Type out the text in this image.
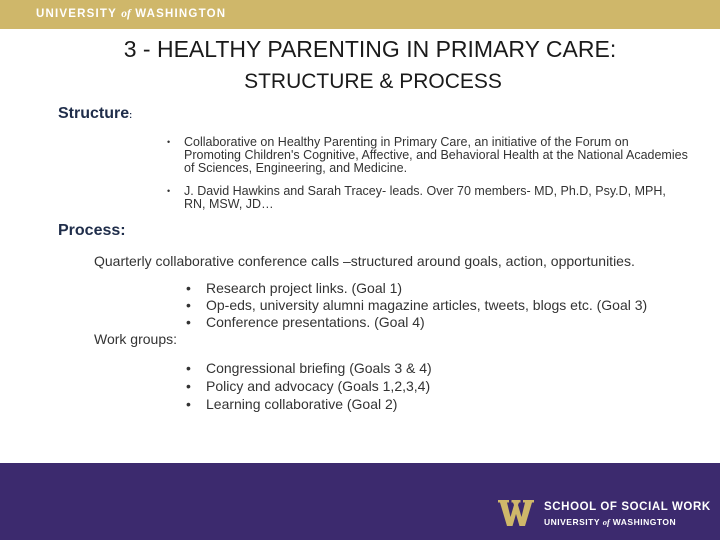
UNIVERSITY of WASHINGTON
3 - HEALTHY PARENTING IN PRIMARY CARE:
STRUCTURE & PROCESS
Structure:
• Collaborative on Healthy Parenting in Primary Care, an initiative of the Forum on Promoting Children's Cognitive, Affective, and Behavioral Health at the National Academies of Sciences, Engineering, and Medicine.
• J. David Hawkins and Sarah Tracey- leads. Over 70 members- MD, Ph.D, Psy.D, MPH, RN, MSW, JD…
Process:
Quarterly collaborative conference calls –structured around goals, action, opportunities.
• Research project links. (Goal 1)
• Op-eds, university alumni magazine articles, tweets, blogs etc. (Goal 3)
• Conference presentations. (Goal 4)
Work groups:
• Congressional briefing (Goals 3 & 4)
• Policy and advocacy (Goals 1,2,3,4)
• Learning collaborative (Goal 2)
SCHOOL OF SOCIAL WORK
UNIVERSITY of WASHINGTON
